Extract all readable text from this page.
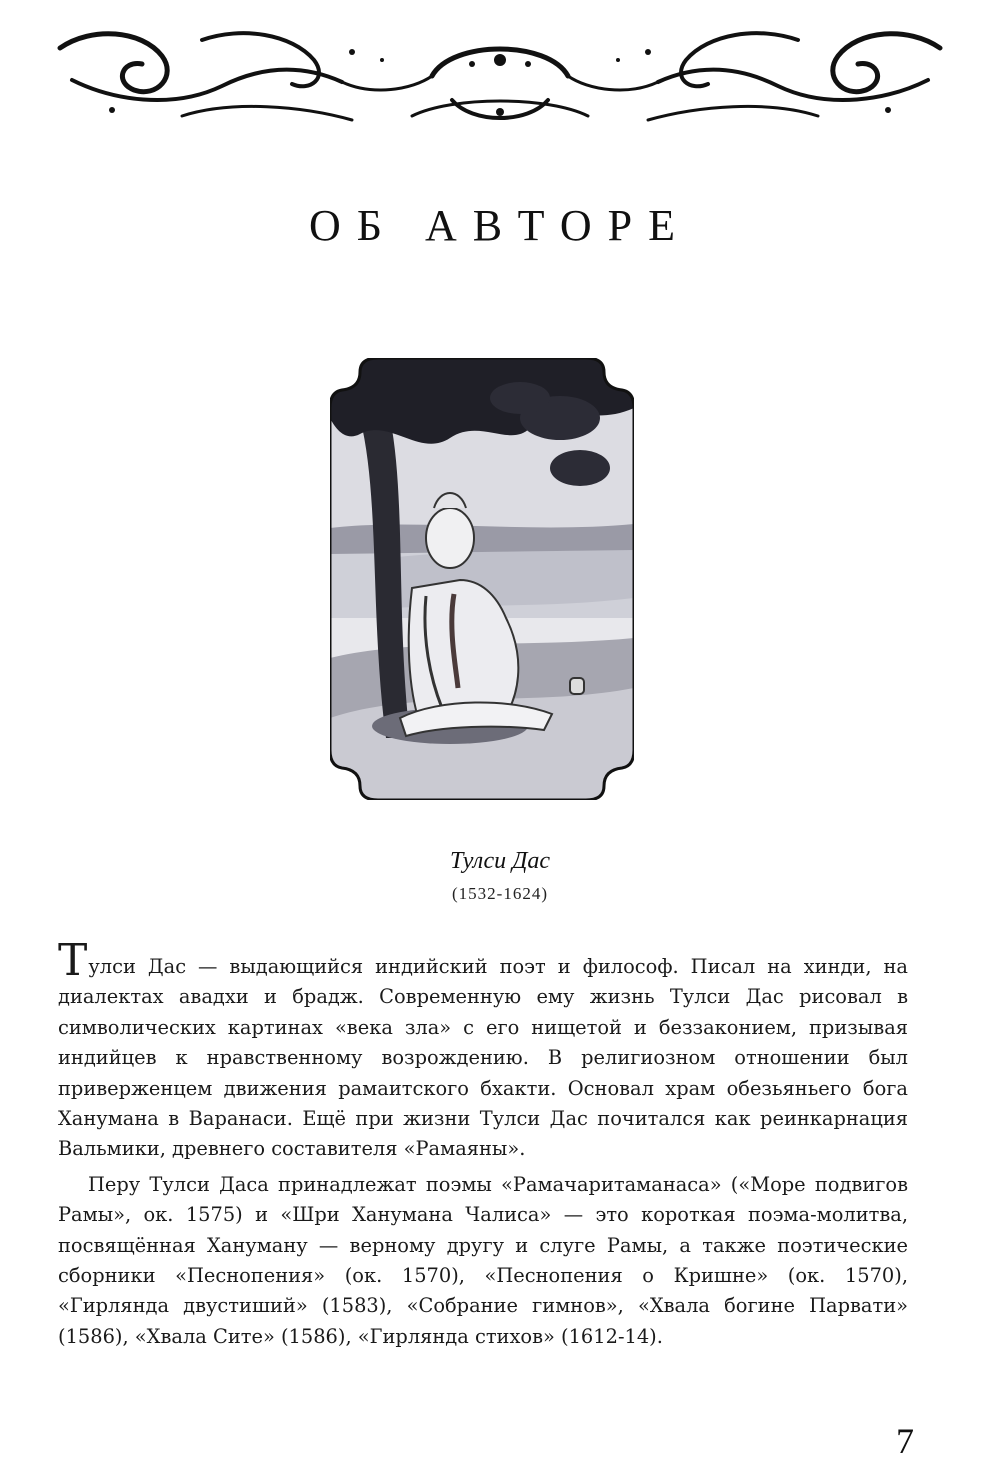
ОБ АВТОРЕ
Тулси Дас
(1532-1624)

Тулси Дас — выдающийся индийский поэт и философ. Писал на хинди, на диалектах авадхи и брадж. Современную ему жизнь Тулси Дас рисовал в символических картинах «века зла» с его нищетой и беззаконием, призывая индийцев к нравственному возрождению. В религиозном отношении был приверженцем движения рамаитского бхакти. Основал храм обезьяньего бога Ханумана в Варанаси. Ещё при жизни Тулси Дас почитался как реинкарнация Вальмики, древнего составителя «Рамаяны».

Перу Тулси Даса принадлежат поэмы «Рамачаритаманаса» («Море подвигов Рамы», ок. 1575) и «Шри Ханумана Чалиса» — это короткая поэма-молитва, посвящённая Хануману — верному другу и слуге Рамы, а также поэтические сборники «Песнопения» (ок. 1570), «Песнопения о Кришне» (ок. 1570), «Гирлянда двустиший» (1583), «Собрание гимнов», «Хвала богине Парвати» (1586), «Хвала Сите» (1586), «Гирлянда стихов» (1612-14).

7
